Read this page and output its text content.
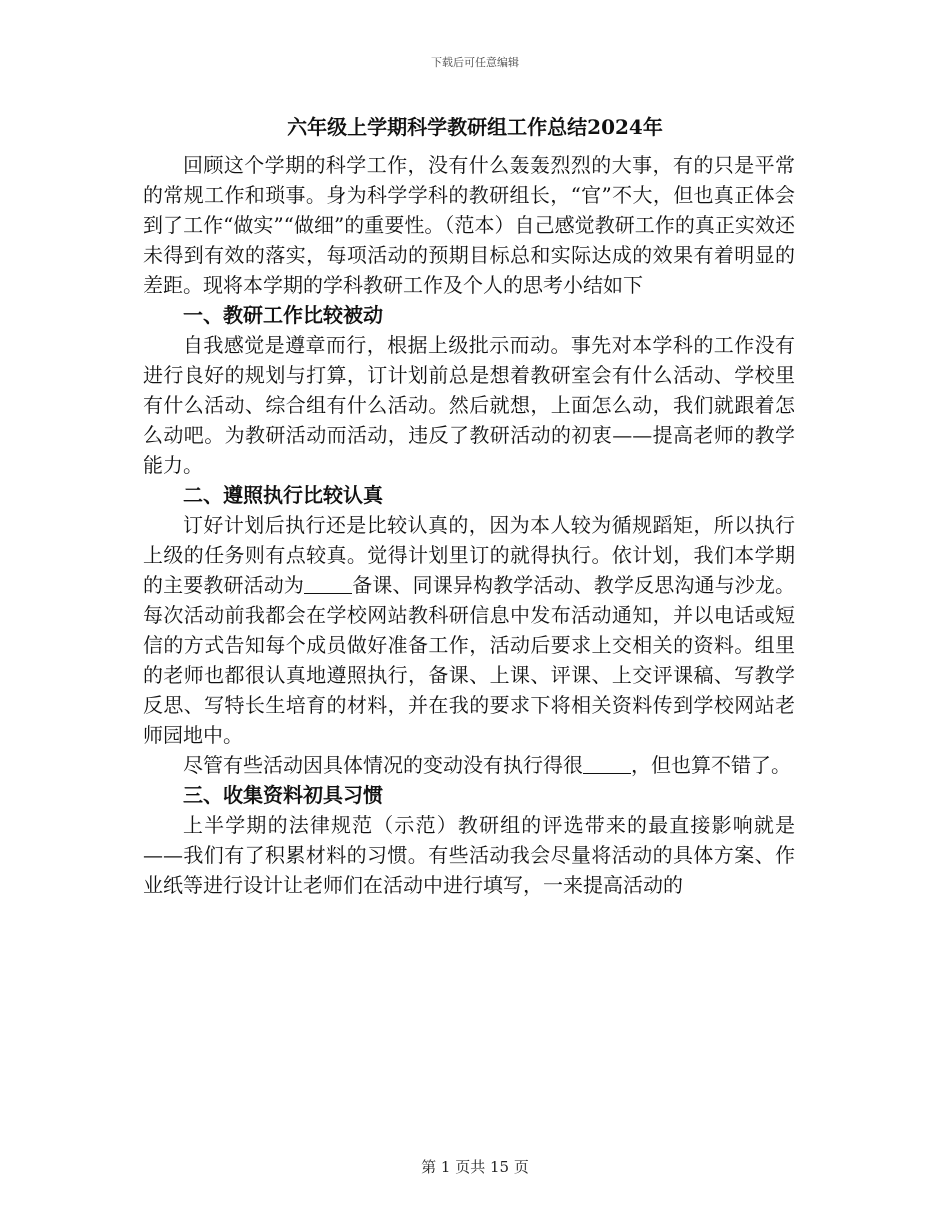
下载后可任意编辑
六年级上学期科学教研组工作总结2024年

回顾这个学期的科学工作，没有什么轰轰烈烈的大事，有的只是平常的常规工作和琐事。身为科学学科的教研组长，“官”不大，但也真正体会到了工作“做实”“做细”的重要性。（范本）自己感觉教研工作的真正实效还未得到有效的落实，每项活动的预期目标总和实际达成的效果有着明显的差距。现将本学期的学科教研工作及个人的思考小结如下

一、教研工作比较被动

自我感觉是遵章而行，根据上级批示而动。事先对本学科的工作没有进行良好的规划与打算，订计划前总是想着教研室会有什么活动、学校里有什么活动、综合组有什么活动。然后就想，上面怎么动，我们就跟着怎么动吧。为教研活动而活动，违反了教研活动的初衷——提高老师的教学能力。

二、遵照执行比较认真

订好计划后执行还是比较认真的，因为本人较为循规蹈矩，所以执行上级的任务则有点较真。觉得计划里订的就得执行。依计划，我们本学期的主要教研活动为 备课、同课异构教学活动、教学反思沟通与沙龙。每次活动前我都会在学校网站教科研信息中发布活动通知，并以电话或短信的方式告知每个成员做好准备工作，活动后要求上交相关的资料。组里的老师也都很认真地遵照执行，备课、上课、评课、上交评课稿、写教学反思、写特长生培育的材料，并在我的要求下将相关资料传到学校网站老师园地中。

尽管有些活动因具体情况的变动没有执行得很 ，但也算不错了。

三、收集资料初具习惯

上半学期的法律规范（示范）教研组的评选带来的最直接影响就是——我们有了积累材料的习惯。有些活动我会尽量将活动的具体方案、作业纸等进行设计让老师们在活动中进行填写，一来提高活动的

第 1 页共 15 页
